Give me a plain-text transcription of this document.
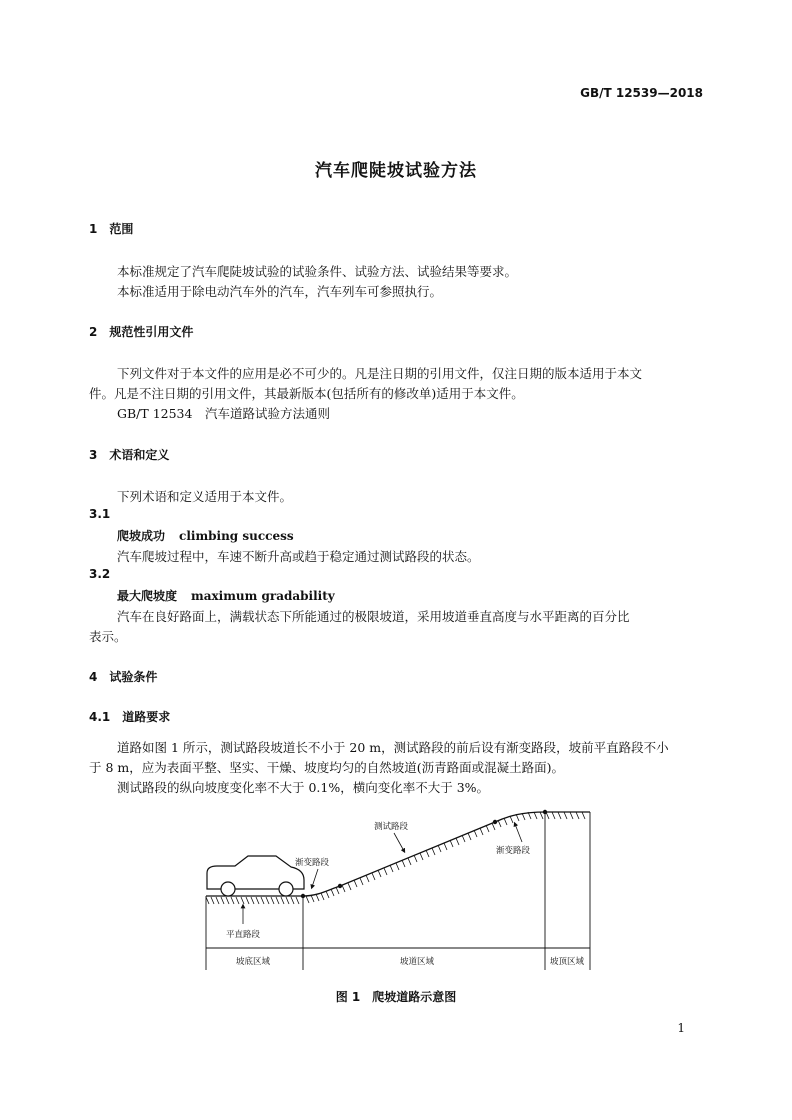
GB/T 12539—2018
汽车爬陡坡试验方法
1　范围
本标准规定了汽车爬陡坡试验的试验条件、试验方法、试验结果等要求。
本标准适用于除电动汽车外的汽车，汽车列车可参照执行。
2　规范性引用文件
下列文件对于本文件的应用是必不可少的。凡是注日期的引用文件，仅注日期的版本适用于本文
件。凡是不注日期的引用文件，其最新版本(包括所有的修改单)适用于本文件。
GB/T 12534　汽车道路试验方法通则
3　术语和定义
下列术语和定义适用于本文件。
3.1
爬坡成功 climbing success
汽车爬坡过程中，车速不断升高或趋于稳定通过测试路段的状态。
3.2
最大爬坡度 maximum gradability
汽车在良好路面上，满载状态下所能通过的极限坡道，采用坡道垂直高度与水平距离的百分比
表示。
4　试验条件
4.1　道路要求
道路如图 1 所示，测试路段坡道长不小于 20 m，测试路段的前后设有渐变路段，坡前平直路段不小
于 8 m，应为表面平整、坚实、干燥、坡度均匀的自然坡道(沥青路面或混凝土路面)。
测试路段的纵向坡度变化率不大于 0.1%，横向变化率不大于 3%。
测试路段
渐变路段
渐变路段
平直路段
坡底区域	坡道区域	坡顶区域
图 1　爬坡道路示意图
1
